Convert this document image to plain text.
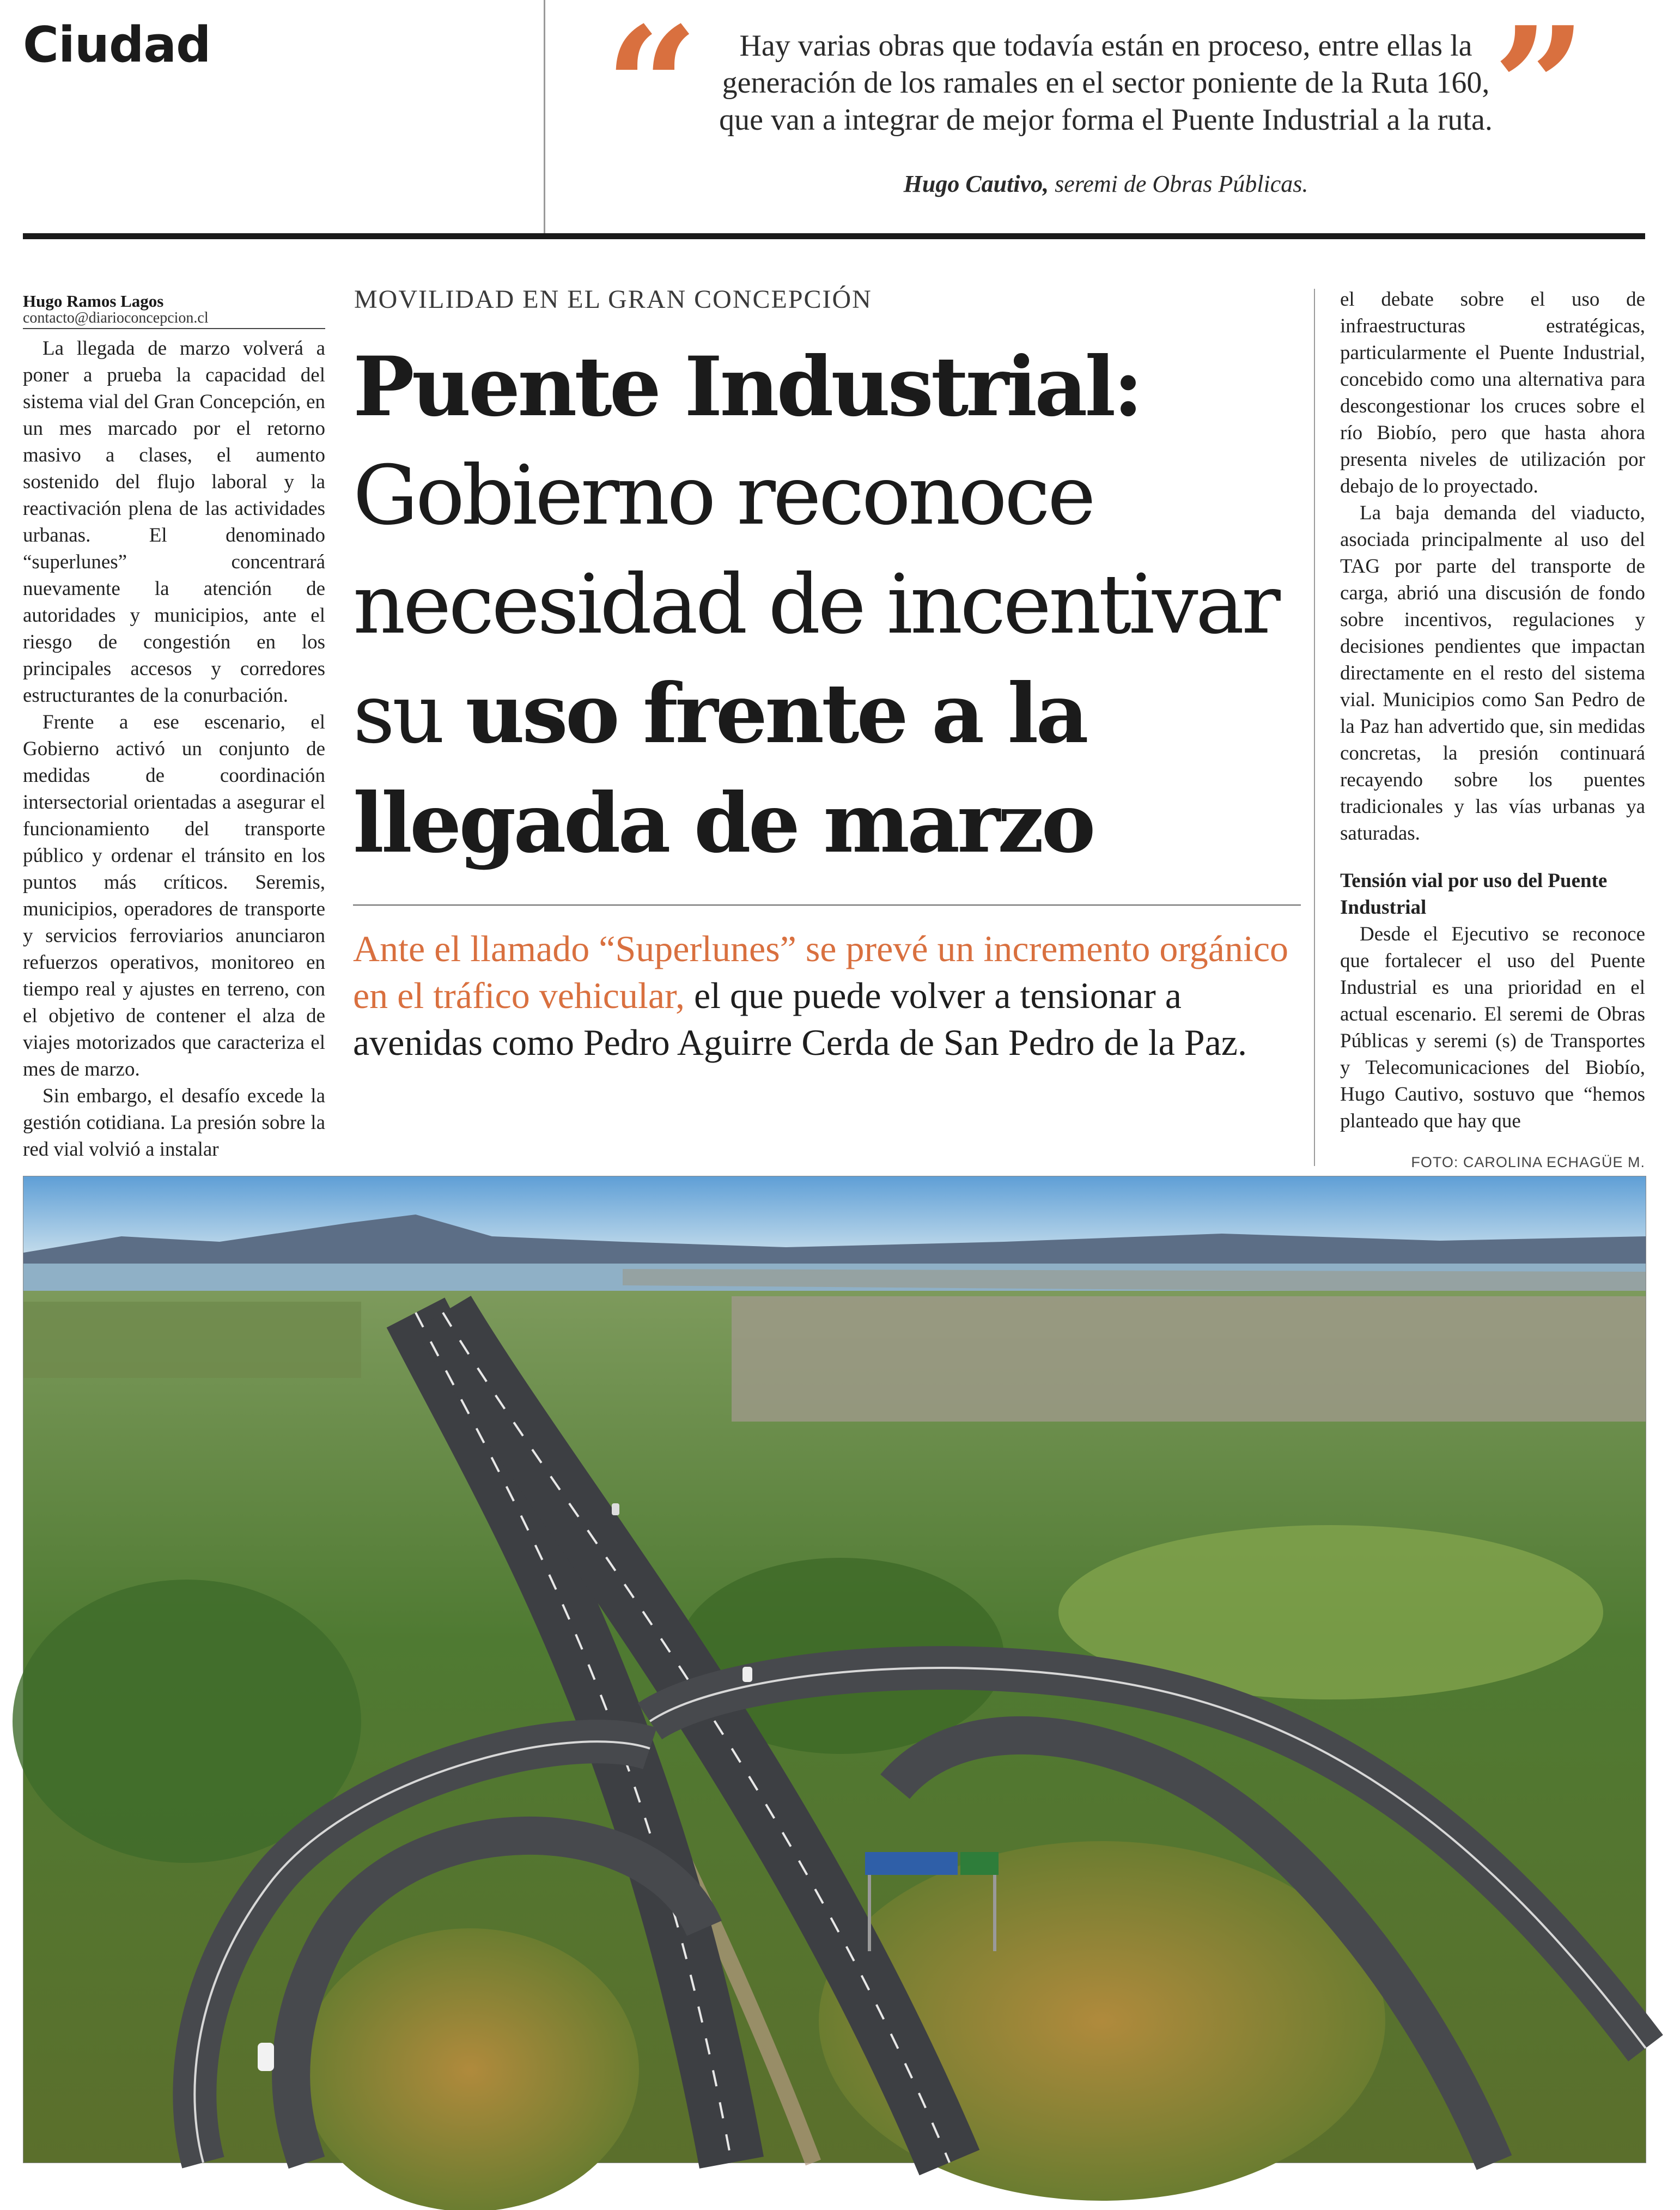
Ciudad “	Hay varias obras que todavía están en proceso, entre ellas la generación de los ramales en el sector poniente de la Ruta 160, que van a integrar de mejor forma el Puente Industrial a la ruta. ”
Hugo Cautivo, seremi de Obras Públicas.
Hugo Ramos Lagos
contacto@diarioconcepcion.cl

La llegada de marzo volverá a poner a prueba la capacidad del sistema vial del Gran Concepción, en un mes marcado por el retorno masivo a clases, el aumento sostenido del flujo laboral y la reactivación plena de las actividades urbanas. El denominado “superlunes” concentrará nuevamente la atención de autoridades y municipios, ante el riesgo de congestión en los principales accesos y corredores estructurantes de la conurbación.

Frente a ese escenario, el Gobierno activó un conjunto de medidas de coordinación intersectorial orientadas a asegurar el funcionamiento del transporte público y ordenar el tránsito en los puntos más críticos. Seremis, municipios, operadores de transporte y servicios ferroviarios anunciaron refuerzos operativos, monitoreo en tiempo real y ajustes en terreno, con el objetivo de contener el alza de viajes motorizados que caracteriza el mes de marzo.

Sin embargo, el desafío excede la gestión cotidiana. La presión sobre la red vial volvió a instalar

MOVILIDAD EN EL GRAN CONCEPCIÓN
Puente Industrial:
Gobierno reconoce
necesidad de incentivar
su uso frente a la
llegada de marzo
Ante el llamado “Superlunes” se prevé un incremento orgánico en el tráfico vehicular, el que puede volver a tensionar a avenidas como Pedro Aguirre Cerda de San Pedro de la Paz.

el debate sobre el uso de infraestructuras estratégicas, particularmente el Puente Industrial, concebido como una alternativa para descongestionar los cruces sobre el río Biobío, pero que hasta ahora presenta niveles de utilización por debajo de lo proyectado.

La baja demanda del viaducto, asociada principalmente al uso del TAG por parte del transporte de carga, abrió una discusión de fondo sobre incentivos, regulaciones y decisiones pendientes que impactan directamente en el resto del sistema vial. Municipios como San Pedro de la Paz han advertido que, sin medidas concretas, la presión continuará recayendo sobre los puentes tradicionales y las vías urbanas ya saturadas.

Tensión vial por uso del Puente Industrial

Desde el Ejecutivo se reconoce que fortalecer el uso del Puente Industrial es una prioridad en el actual escenario. El seremi de Obras Públicas y seremi (s) de Transportes y Telecomunicaciones del Biobío, Hugo Cautivo, sostuvo que “hemos planteado que hay que

FOTO: CAROLINA ECHAGÜE M.
